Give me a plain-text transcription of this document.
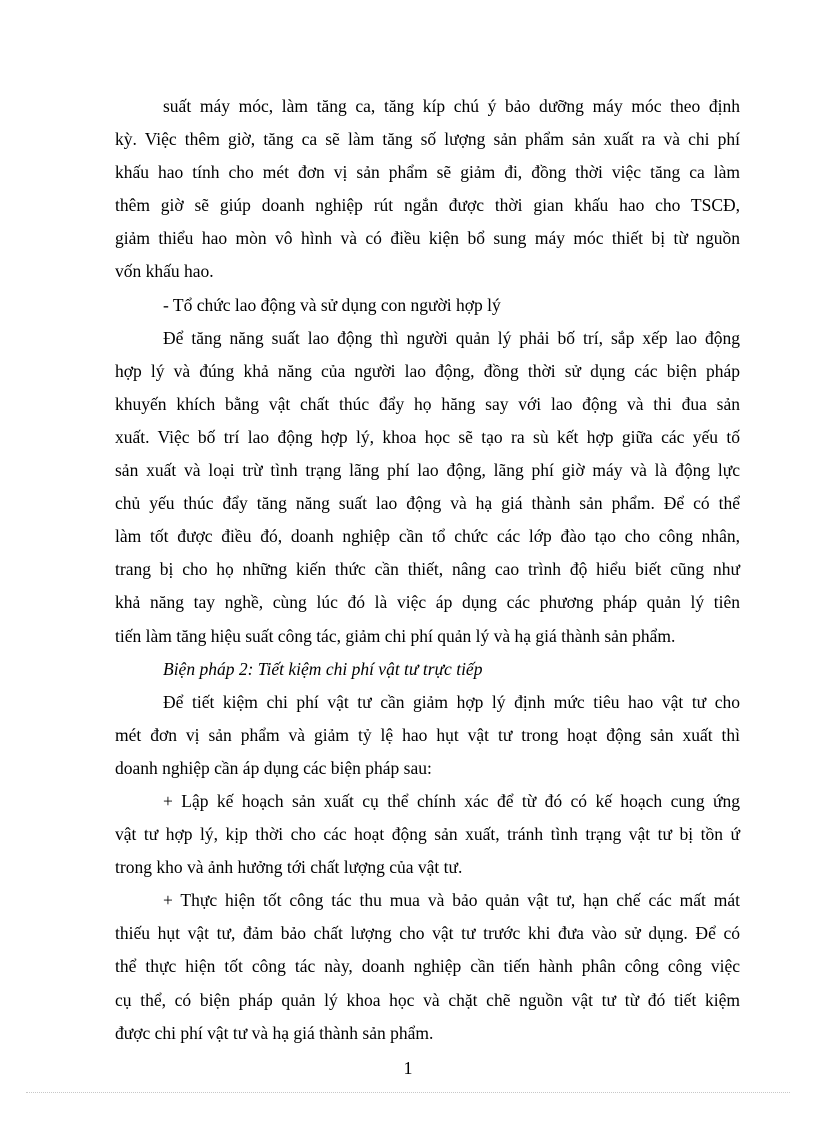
suất máy móc, làm tăng ca, tăng kíp chú ý bảo dưỡng máy móc theo định
kỳ. Việc thêm giờ, tăng ca sẽ làm tăng số lượng sản phẩm sản xuất ra và chi phí
khấu hao tính cho mét đơn vị sản phẩm sẽ giảm đi, đồng thời việc tăng ca làm
thêm giờ sẽ giúp doanh nghiệp rút ngắn được thời gian khấu hao cho TSCĐ,
giảm thiểu hao mòn vô hình và có điều kiện bổ sung máy móc thiết bị từ nguồn
vốn khấu hao.
- Tổ chức lao động và sử dụng con người hợp lý
Để tăng năng suất lao động thì người quản lý phải bố trí, sắp xếp lao động
hợp lý và đúng khả năng của người lao động, đồng thời sử dụng các biện pháp
khuyến khích bằng vật chất thúc đẩy họ hăng say với lao động và thi đua sản
xuất. Việc bố trí lao động hợp lý, khoa học sẽ tạo ra sù kết hợp giữa các yếu tố
sản xuất và loại trừ tình trạng lãng phí lao động, lãng phí giờ máy và là động lực
chủ yếu thúc đẩy tăng năng suất lao động và hạ giá thành sản phẩm. Để có thể
làm tốt được điều đó, doanh nghiệp cần tổ chức các lớp đào tạo cho công nhân,
trang bị cho họ những kiến thức cần thiết, nâng cao trình độ hiểu biết cũng như
khả năng tay nghề, cùng lúc đó là việc áp dụng các phương pháp quản lý tiên
tiến làm tăng hiệu suất công tác, giảm chi phí quản lý và hạ giá thành sản phẩm.
Biện pháp 2: Tiết kiệm chi phí vật tư trực tiếp
Để tiết kiệm chi phí vật tư cần giảm hợp lý định mức tiêu hao vật tư cho
mét đơn vị sản phẩm và giảm tỷ lệ hao hụt vật tư trong hoạt động sản xuất thì
doanh nghiệp cần áp dụng các biện pháp sau:
+ Lập kế hoạch sản xuất cụ thể chính xác để từ đó có kế hoạch cung ứng
vật tư hợp lý, kịp thời cho các hoạt động sản xuất, tránh tình trạng vật tư bị tồn ứ
trong kho và ảnh hưởng tới chất lượng của vật tư.
+ Thực hiện tốt công tác thu mua và bảo quản vật tư, hạn chế các mất mát
thiếu hụt vật tư, đảm bảo chất lượng cho vật tư trước khi đưa vào sử dụng. Để có
thể thực hiện tốt công tác này, doanh nghiệp cần tiến hành phân công công việc
cụ thể, có biện pháp quản lý khoa học và chặt chẽ nguồn vật tư từ đó tiết kiệm
được chi phí vật tư và hạ giá thành sản phẩm.
1
